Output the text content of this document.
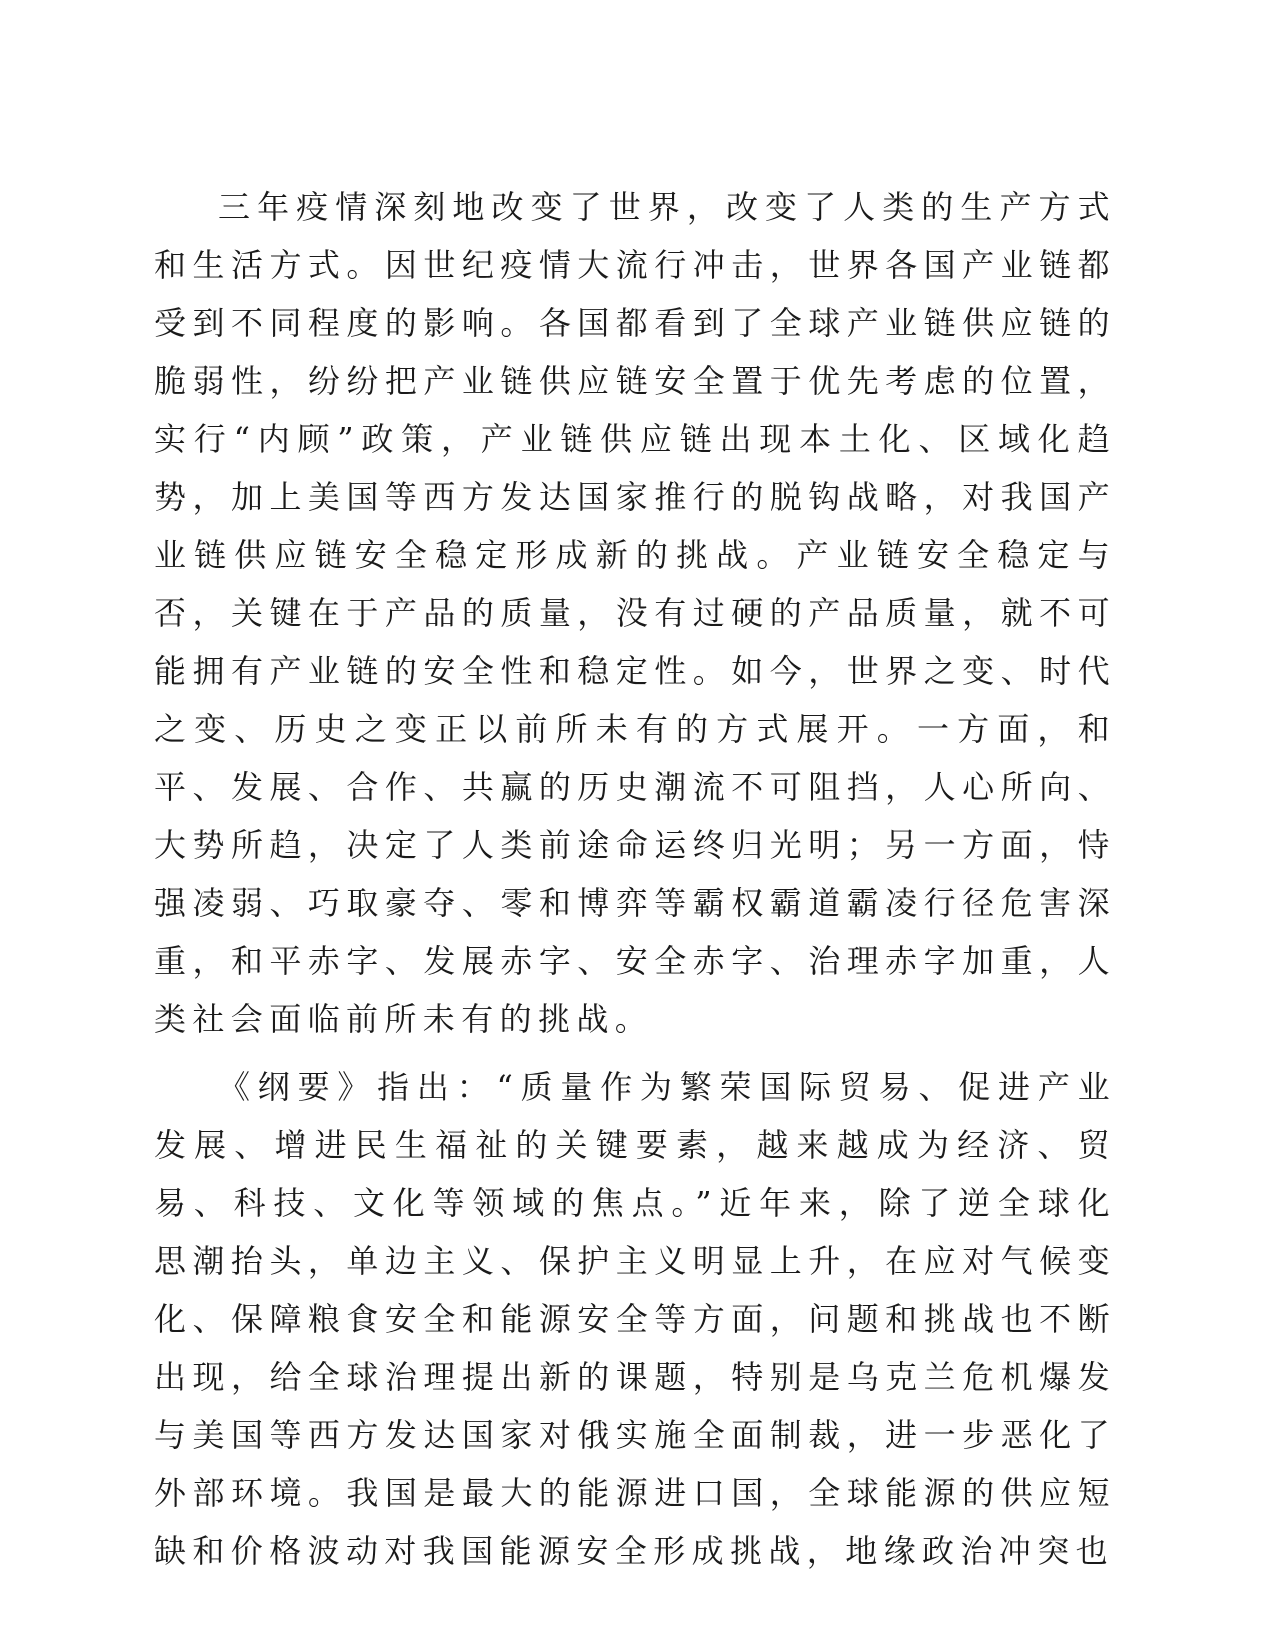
三年疫情深刻地改变了世界，改变了人类的生产方式和生活方式。因世纪疫情大流行冲击，世界各国产业链都受到不同程度的影响。各国都看到了全球产业链供应链的脆弱性，纷纷把产业链供应链安全置于优先考虑的位置，实行“内顾”政策，产业链供应链出现本土化、区域化趋势，加上美国等西方发达国家推行的脱钩战略，对我国产业链供应链安全稳定形成新的挑战。产业链安全稳定与否，关键在于产品的质量，没有过硬的产品质量，就不可能拥有产业链的安全性和稳定性。如今，世界之变、时代之变、历史之变正以前所未有的方式展开。一方面，和平、发展、合作、共赢的历史潮流不可阻挡，人心所向、大势所趋，决定了人类前途命运终归光明；另一方面，恃强凌弱、巧取豪夺、零和博弈等霸权霸道霸凌行径危害深重，和平赤字、发展赤字、安全赤字、治理赤字加重，人类社会面临前所未有的挑战。

《纲要》指出：“质量作为繁荣国际贸易、促进产业发展、增进民生福祉的关键要素，越来越成为经济、贸易、科技、文化等领域的焦点。”近年来，除了逆全球化思潮抬头，单边主义、保护主义明显上升，在应对气候变化、保障粮食安全和能源安全等方面，问题和挑战也不断出现，给全球治理提出新的课题，特别是乌克兰危机爆发与美国等西方发达国家对俄实施全面制裁，进一步恶化了外部环境。我国是最大的能源进口国，全球能源的供应短缺和价格波动对我国能源安全形成挑战，地缘政治冲突也
